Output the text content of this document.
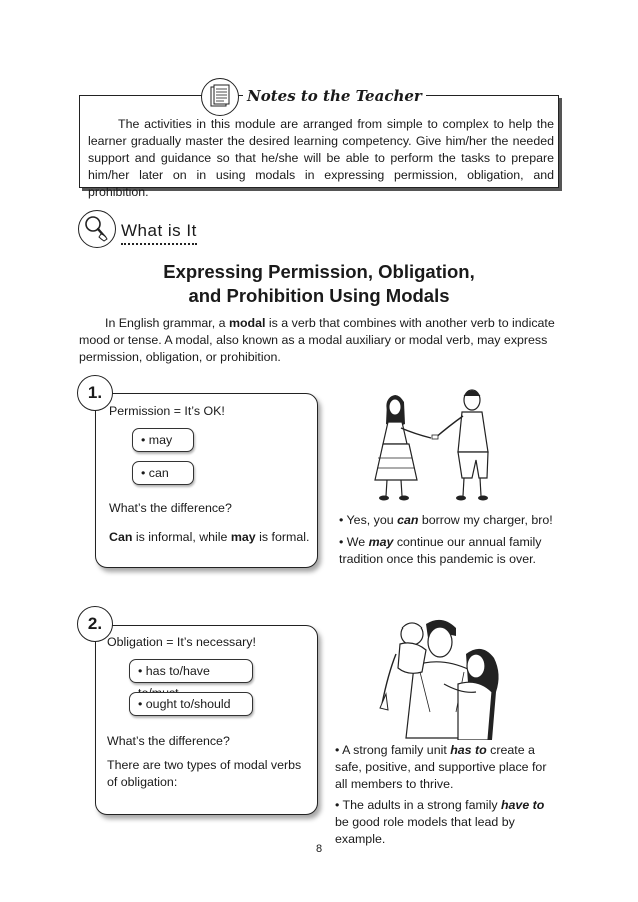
The activities in this module are arranged from simple to complex to help the learner gradually master the desired learning competency. Give him/her the needed support and guidance so that he/she will be able to perform the tasks to prepare him/her later on in using modals in expressing permission, obligation, and prohibition.
Notes to the Teacher
What is It
Expressing Permission, Obligation,
and Prohibition Using Modals
In English grammar, a modal is a verb that combines with another verb to indicate mood or tense. A modal, also known as a modal auxiliary or modal verb, may express permission, obligation, or prohibition.
1.
Permission = It’s OK!
• may
• can
What’s the difference?
Can is informal, while may is formal.
• Yes, you can borrow my charger, bro!
• We may continue our annual family tradition once this pandemic is over.
2.
Obligation = It’s necessary!
• has to/have
• ought to/should
What’s the difference?
There are two types of modal verbs of obligation:
• A strong family unit has to create a safe, positive, and supportive place for all members to thrive.
• The adults in a strong family have to be good role models that lead by example.
8
